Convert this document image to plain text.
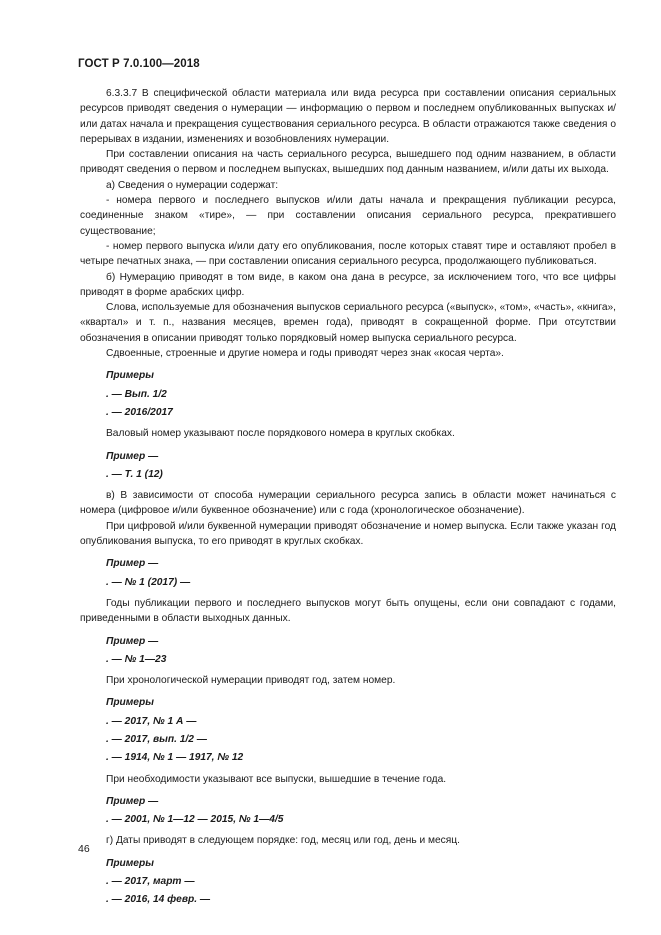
ГОСТ Р 7.0.100—2018

6.3.3.7 В специфической области материала или вида ресурса при составлении описания сериальных ресурсов приводят сведения о нумерации — информацию о первом и последнем опубликованных выпусках и/или датах начала и прекращения существования сериального ресурса. В области отражаются также сведения о перерывах в издании, изменениях и возобновлениях нумерации.

При составлении описания на часть сериального ресурса, вышедшего под одним названием, в области приводят сведения о первом и последнем выпусках, вышедших под данным названием, и/или даты их выхода.

а) Сведения о нумерации содержат:

- номера первого и последнего выпусков и/или даты начала и прекращения публикации ресурса, соединенные знаком «тире», — при составлении описания сериального ресурса, прекратившего существование;

- номер первого выпуска и/или дату его опубликования, после которых ставят тире и оставляют пробел в четыре печатных знака, — при составлении описания сериального ресурса, продолжающего публиковаться.

б) Нумерацию приводят в том виде, в каком она дана в ресурсе, за исключением того, что все цифры приводят в форме арабских цифр.

Слова, используемые для обозначения выпусков сериального ресурса («выпуск», «том», «часть», «книга», «квартал» и т. п., названия месяцев, времен года), приводят в сокращенной форме. При отсутствии обозначения в описании приводят только порядковый номер выпуска сериального ресурса.

Сдвоенные, строенные и другие номера и годы приводят через знак «косая черта».

Примеры

. — Вып. 1/2

. — 2016/2017

Валовый номер указывают после порядкового номера в круглых скобках.

Пример —

. — Т. 1 (12)

в) В зависимости от способа нумерации сериального ресурса запись в области может начинаться с номера (цифровое и/или буквенное обозначение) или с года (хронологическое обозначение).

При цифровой и/или буквенной нумерации приводят обозначение и номер выпуска. Если также указан год опубликования выпуска, то его приводят в круглых скобках.

Пример —

. — № 1 (2017) —

Годы публикации первого и последнего выпусков могут быть опущены, если они совпадают с годами, приведенными в области выходных данных.

Пример —

. — № 1—23

При хронологической нумерации приводят год, затем номер.

Примеры

. — 2017, № 1 А —

. — 2017, вып. 1/2 —

. — 1914, № 1 — 1917, № 12

При необходимости указывают все выпуски, вышедшие в течение года.

Пример —

. — 2001, № 1—12 — 2015, № 1—4/5

г) Даты приводят в следующем порядке: год, месяц или год, день и месяц.

Примеры

. — 2017, март —

. — 2016, 14 февр. —

46
